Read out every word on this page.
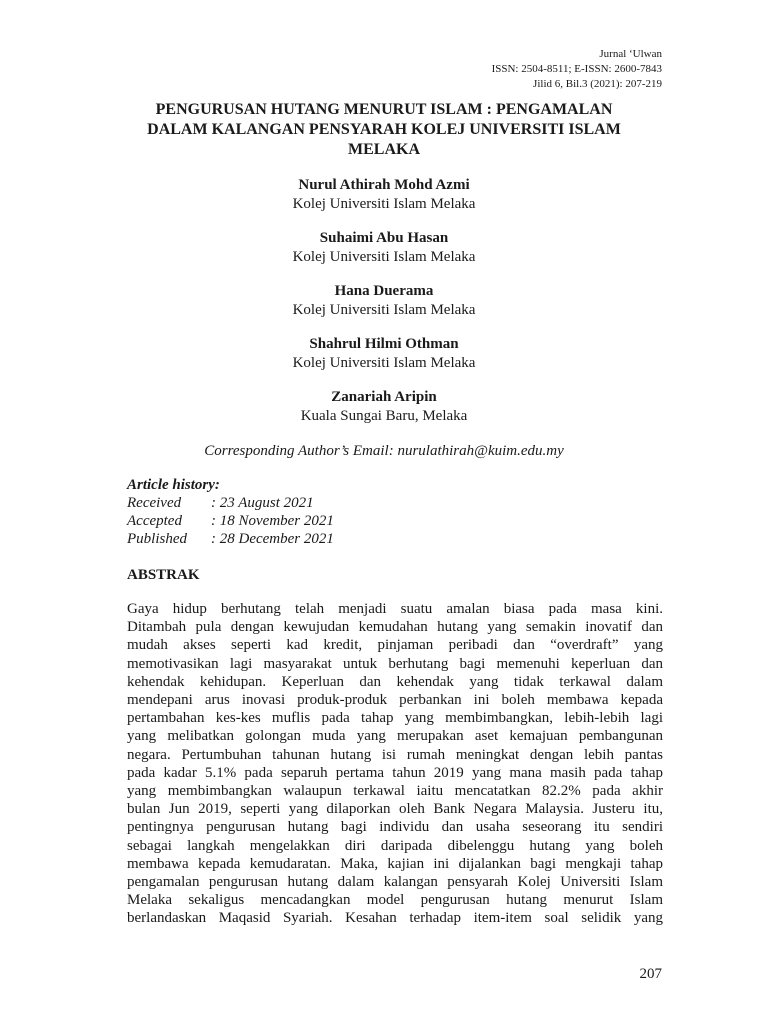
Jurnal ‘Ulwan
ISSN: 2504-8511; E-ISSN: 2600-7843
Jilid 6, Bil.3 (2021): 207-219
PENGURUSAN HUTANG MENURUT ISLAM : PENGAMALAN
DALAM KALANGAN PENSYARAH KOLEJ UNIVERSITI ISLAM
MELAKA
Nurul Athirah Mohd Azmi
Kolej Universiti Islam Melaka
Suhaimi Abu Hasan
Kolej Universiti Islam Melaka
Hana Duerama
Kolej Universiti Islam Melaka
Shahrul Hilmi Othman
Kolej Universiti Islam Melaka
Zanariah Aripin
Kuala Sungai Baru, Melaka
Corresponding Author’s Email: nurulathirah@kuim.edu.my
Article history:
Received	: 23 August 2021
Accepted	: 18 November 2021
Published	: 28 December 2021
ABSTRAK
Gaya hidup berhutang telah menjadi suatu amalan biasa pada masa kini.
Ditambah pula dengan kewujudan kemudahan hutang yang semakin inovatif dan
mudah akses seperti kad kredit, pinjaman peribadi dan “overdraft” yang
memotivasikan lagi masyarakat untuk berhutang bagi memenuhi keperluan dan
kehendak kehidupan. Keperluan dan kehendak yang tidak terkawal dalam
mendepani arus inovasi produk-produk perbankan ini boleh membawa kepada
pertambahan kes-kes muflis pada tahap yang membimbangkan, lebih-lebih lagi
yang melibatkan golongan muda yang merupakan aset kemajuan pembangunan
negara. Pertumbuhan tahunan hutang isi rumah meningkat dengan lebih pantas
pada kadar 5.1% pada separuh pertama tahun 2019 yang mana masih pada tahap
yang membimbangkan walaupun terkawal iaitu mencatatkan 82.2% pada akhir
bulan Jun 2019, seperti yang dilaporkan oleh Bank Negara Malaysia. Justeru itu,
pentingnya pengurusan hutang bagi individu dan usaha seseorang itu sendiri
sebagai langkah mengelakkan diri daripada dibelenggu hutang yang boleh
membawa kepada kemudaratan. Maka, kajian ini dijalankan bagi mengkaji tahap
pengamalan pengurusan hutang dalam kalangan pensyarah Kolej Universiti Islam
Melaka sekaligus mencadangkan model pengurusan hutang menurut Islam
berlandaskan Maqasid Syariah. Kesahan terhadap item-item soal selidik yang
207
